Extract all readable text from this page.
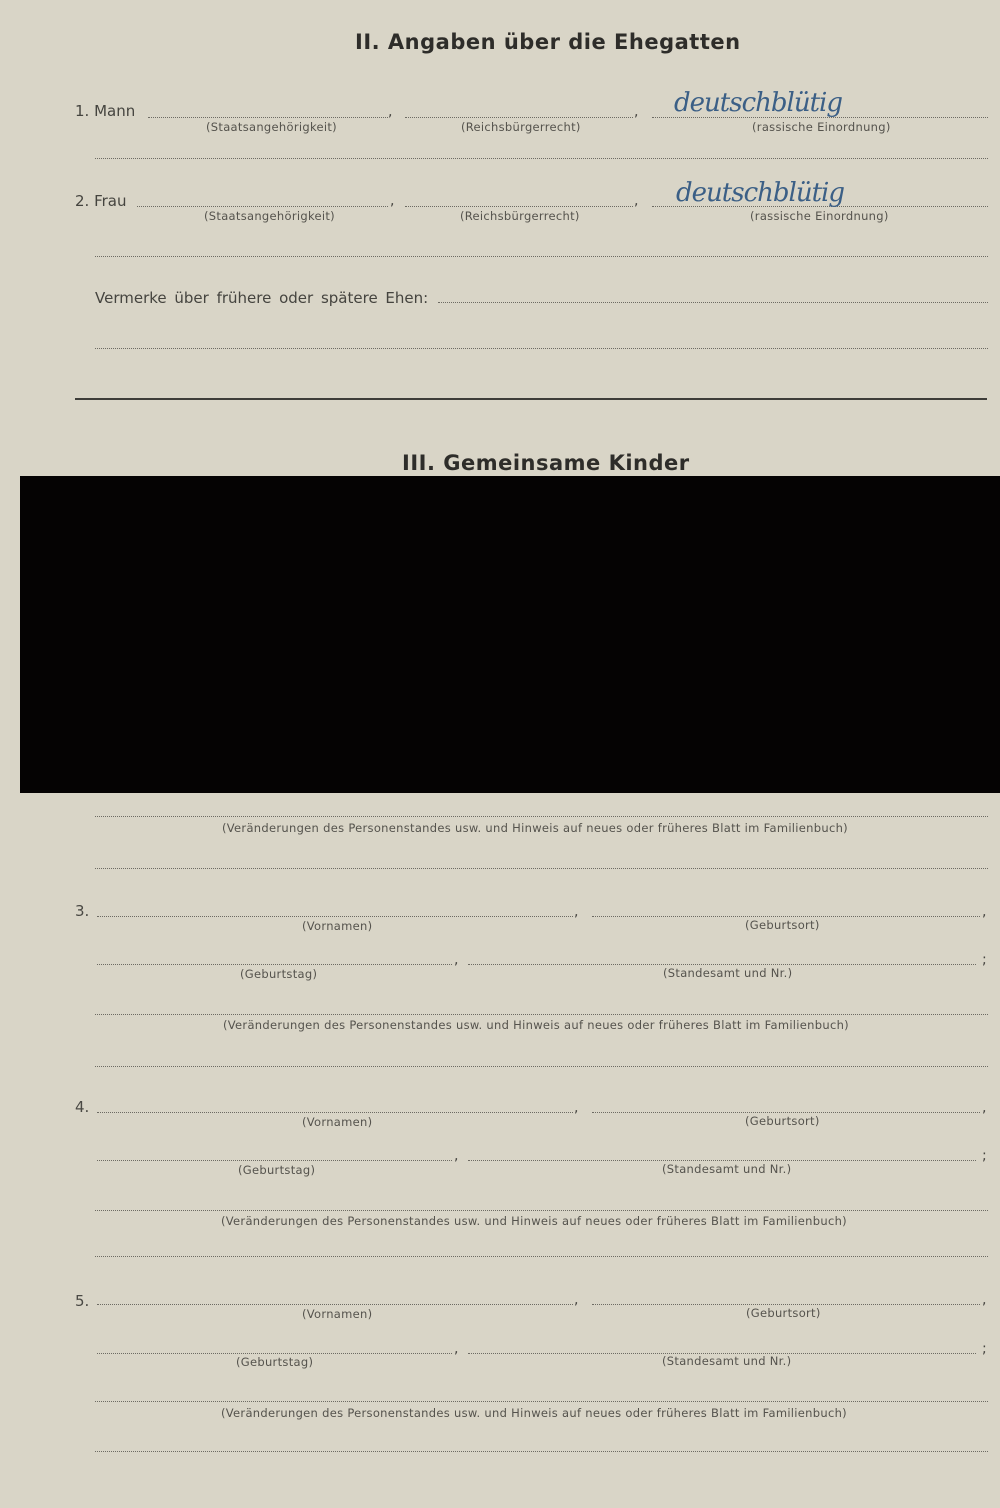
II. Angaben über die Ehegatten
1. Mann	,	, deutschblütig
(Staatsangehörigkeit)	(Reichsbürgerrecht)	(rassische Einordnung)
2. Frau	,	, deutschblütig
(Staatsangehörigkeit)	(Reichsbürgerrecht)	(rassische Einordnung)
Vermerke über frühere oder spätere Ehen:
III. Gemeinsame Kinder
(Veränderungen des Personenstandes usw. und Hinweis auf neues oder früheres Blatt im Familienbuch)
3.	,	,
(Vornamen)	(Geburtsort)
,	;
(Geburtstag)	(Standesamt und Nr.)
(Veränderungen des Personenstandes usw. und Hinweis auf neues oder früheres Blatt im Familienbuch)
4.	,	,
(Vornamen)	(Geburtsort)
,	;
(Geburtstag)	(Standesamt und Nr.)
(Veränderungen des Personenstandes usw. und Hinweis auf neues oder früheres Blatt im Familienbuch)
5.	,	,
(Vornamen)	(Geburtsort)
,	;
(Geburtstag)	(Standesamt und Nr.)
(Veränderungen des Personenstandes usw. und Hinweis auf neues oder früheres Blatt im Familienbuch)
